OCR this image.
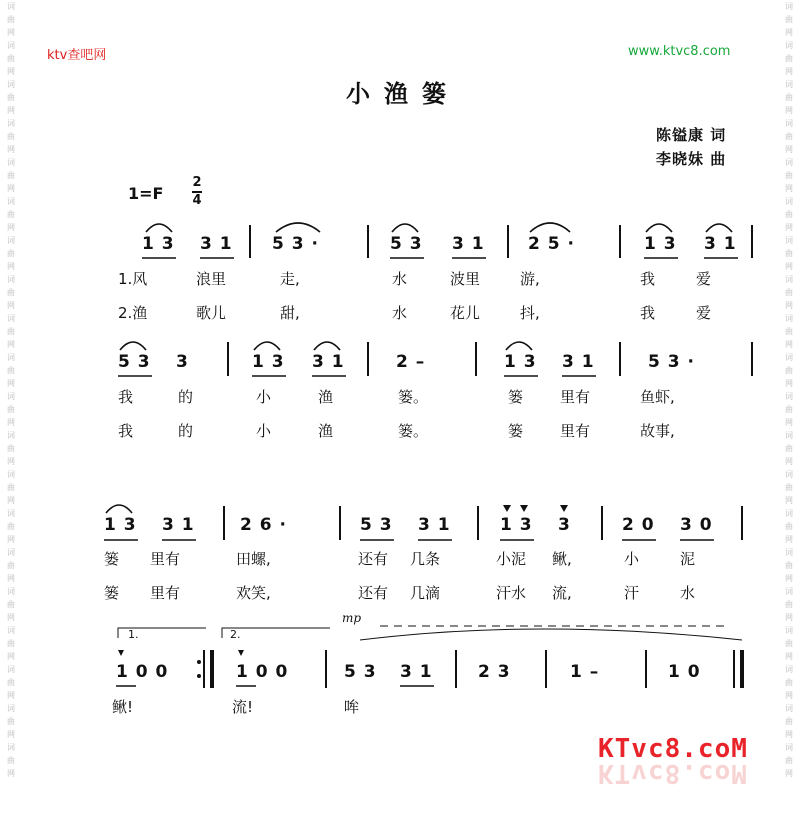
词
曲
网
词
曲
网
词
曲
网
词
曲
网
词
曲
网
词
曲
网
词
曲
网
词
曲
网
词
曲
网
词
曲
网
词
曲
网
词
曲
网
词
曲
网
词
曲
网
词
曲
网
词
曲
网
词
曲
网
词
曲
网
词
曲
网
词
曲
网
词
曲
网
词
曲
网
词
曲
网
词
曲
网
词
曲
网
词
曲
网
词
曲
网
词
曲
网
词
曲
网
词
曲
网
词
曲
网
词
曲
网
词
曲
网
词
曲
网
词
曲
网
词
曲
网
词
曲
网
词
曲
网
词
曲
网
词
曲
网
ktv查吧网	www.ktvc8.com
小渔篓
陈镒康 词
李晓妹 曲
1=F
2
4
1 3 3 1 5 3 ·	5 3 3 1	2 5 ·	1 3 3 1
1.风	浪里	走,	水	波里	游,	我	爱
2.渔	歌儿	甜,	水	花儿	抖,	我	爱
5 3 3	1 3 3 1	2 –	1 3 3 1	5 3 ·
我	的	小	渔	篓。	篓 里有	鱼虾,
我	的	小	渔	篓。	篓 里有	故事,
1 3 3 1	2 6 ·	5 3 3 1	1 3 3	2 0 3 0
篓 里有	田螺,	还有 几条	小泥 鳅,	小	泥
篓 里有	欢笑,	还有 几滴	汗水 流,	汗	水
mp
1.	2.
1 0 0	1 0 0	5 3 3 1	2 3	1 –	1 0
鳅!	流!	哞
KTvc8.coM
KTvc8.coM
